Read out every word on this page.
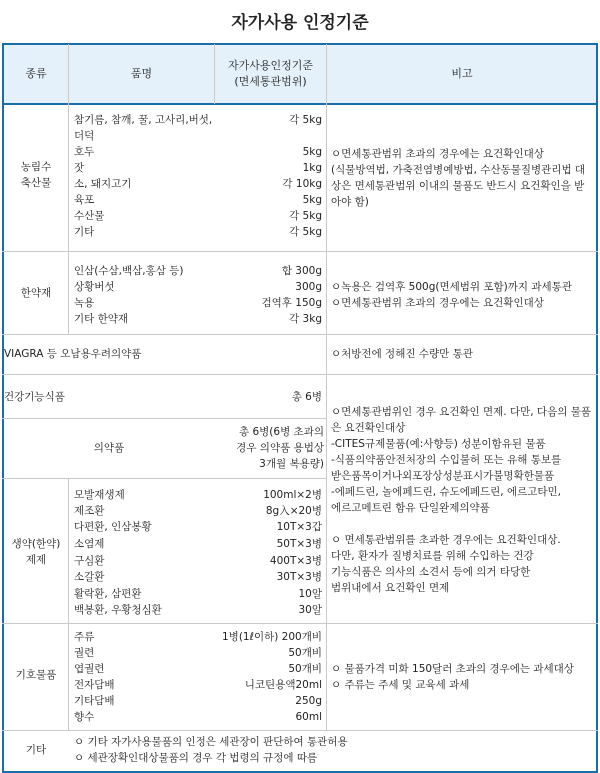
자가사용 인정기준
종류	품명
자가사용인정기준
(면세통관범위)
비고
농림수
축산물
참기름, 참깨, 꿀, 고사리,버섯,	각 5kg
더덕
호두	5kg
잣	1kg
소, 돼지고기	각 10kg
육포	5kg
수산물	각 5kg
기타	각 5kg
ㅇ면세통관범위 초과의 경우에는 요건확인대상
(식물방역법, 가축전염병예방법, 수산동물질병관리법 대
상은 면세통관범위 이내의 물품도 반드시 요건확인을 받
아야 함)
한약재
인삼(수삼,백삼,홍삼 등)	합 300g
상황버섯	300g
녹용	검역후 150g
기타 한약재	각 3kg
ㅇ녹용은 검역후 500g(면세범위 포함)까지 과세통관
ㅇ면세통관범위 초과의 경우에는 요건확인대상
VIAGRA 등 오남용우려의약품	ㅇ처방전에 정해진 수량만 통관
건강기능식품	총 6병
의약품
총 6병(6병 초과의
경우 의약품 용법상
3개월 복용량)
생약(한약)
제제
모발재생제	100ml×2병
제조환	8g入×20병
다편환, 인삼봉황	10T×3갑
소염제	50T×3병
구심환	400T×3병
소갈환	30T×3병
활락환, 삼편환	10알
백봉환, 우황청심환	30알
ㅇ면세통관범위인 경우 요건확인 면제. 다만, 다음의 물품
은 요건확인대상
-CITES규제물품(예:사향등) 성분이함유된 물품
-식품의약품안전처장의 수입불허 또는 유해 통보를
받은품목이거나외포장상성분표시가불명확한물품
-에페드린, 놀에페드린, 슈도에페드린, 에르고타민,
에르고메트린 함유 단일완제의약품
ㅇ 면세통관범위를 초과한 경우에는 요건확인대상.
다만, 환자가 질병치료를 위해 수입하는 건강
기능식품은 의사의 소견서 등에 의거 타당한
범위내에서 요건확인 면제
기호물품
주류	1병(1ℓ이하) 200개비
궐련	50개비
엽궐련	50개비
전자담배	니코틴용액20ml
기타담배	250g
향수	60ml
ㅇ 물품가격 미화 150달러 초과의 경우에는 과세대상
ㅇ 주류는 주세 및 교육세 과세
기타
ㅇ 기타 자가사용물품의 인정은 세관장이 판단하여 통관허용
ㅇ 세관장확인대상물품의 경우 각 법령의 규정에 따름
